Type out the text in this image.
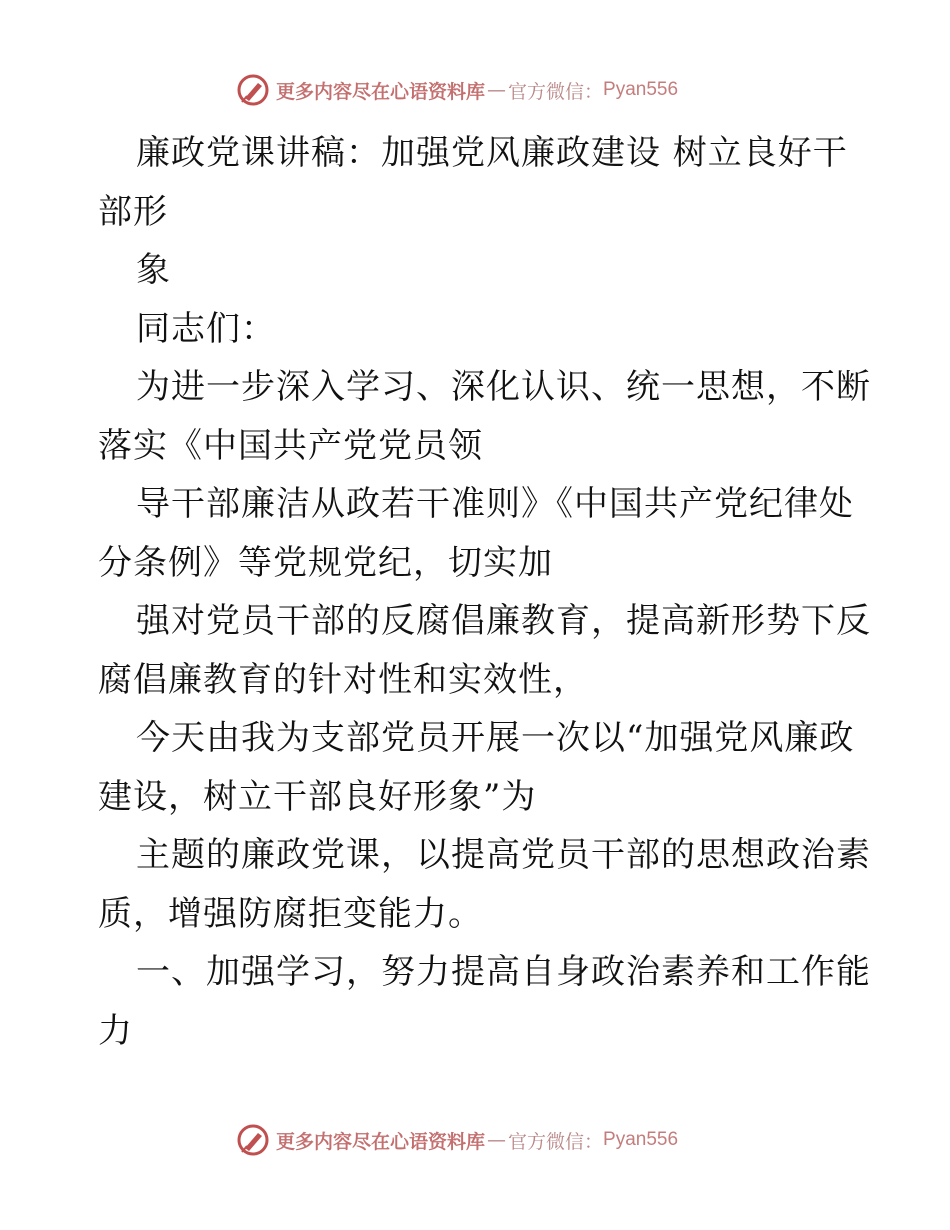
更多内容尽在心语资料库 — 官方微信： Pyan556
廉政党课讲稿：加强党风廉政建设 树立良好干
部形
象
同志们：
为进一步深入学习、深化认识、统一思想，不断
落实《中国共产党党员领
导干部廉洁从政若干准则》《中国共产党纪律处
分条例》等党规党纪，切实加
强对党员干部的反腐倡廉教育，提高新形势下反
腐倡廉教育的针对性和实效性，
今天由我为支部党员开展一次以“加强党风廉政
建设，树立干部良好形象”为
主题的廉政党课，以提高党员干部的思想政治素
质，增强防腐拒变能力。
一、加强学习，努力提高自身政治素养和工作能
力
更多内容尽在心语资料库 — 官方微信： Pyan556
